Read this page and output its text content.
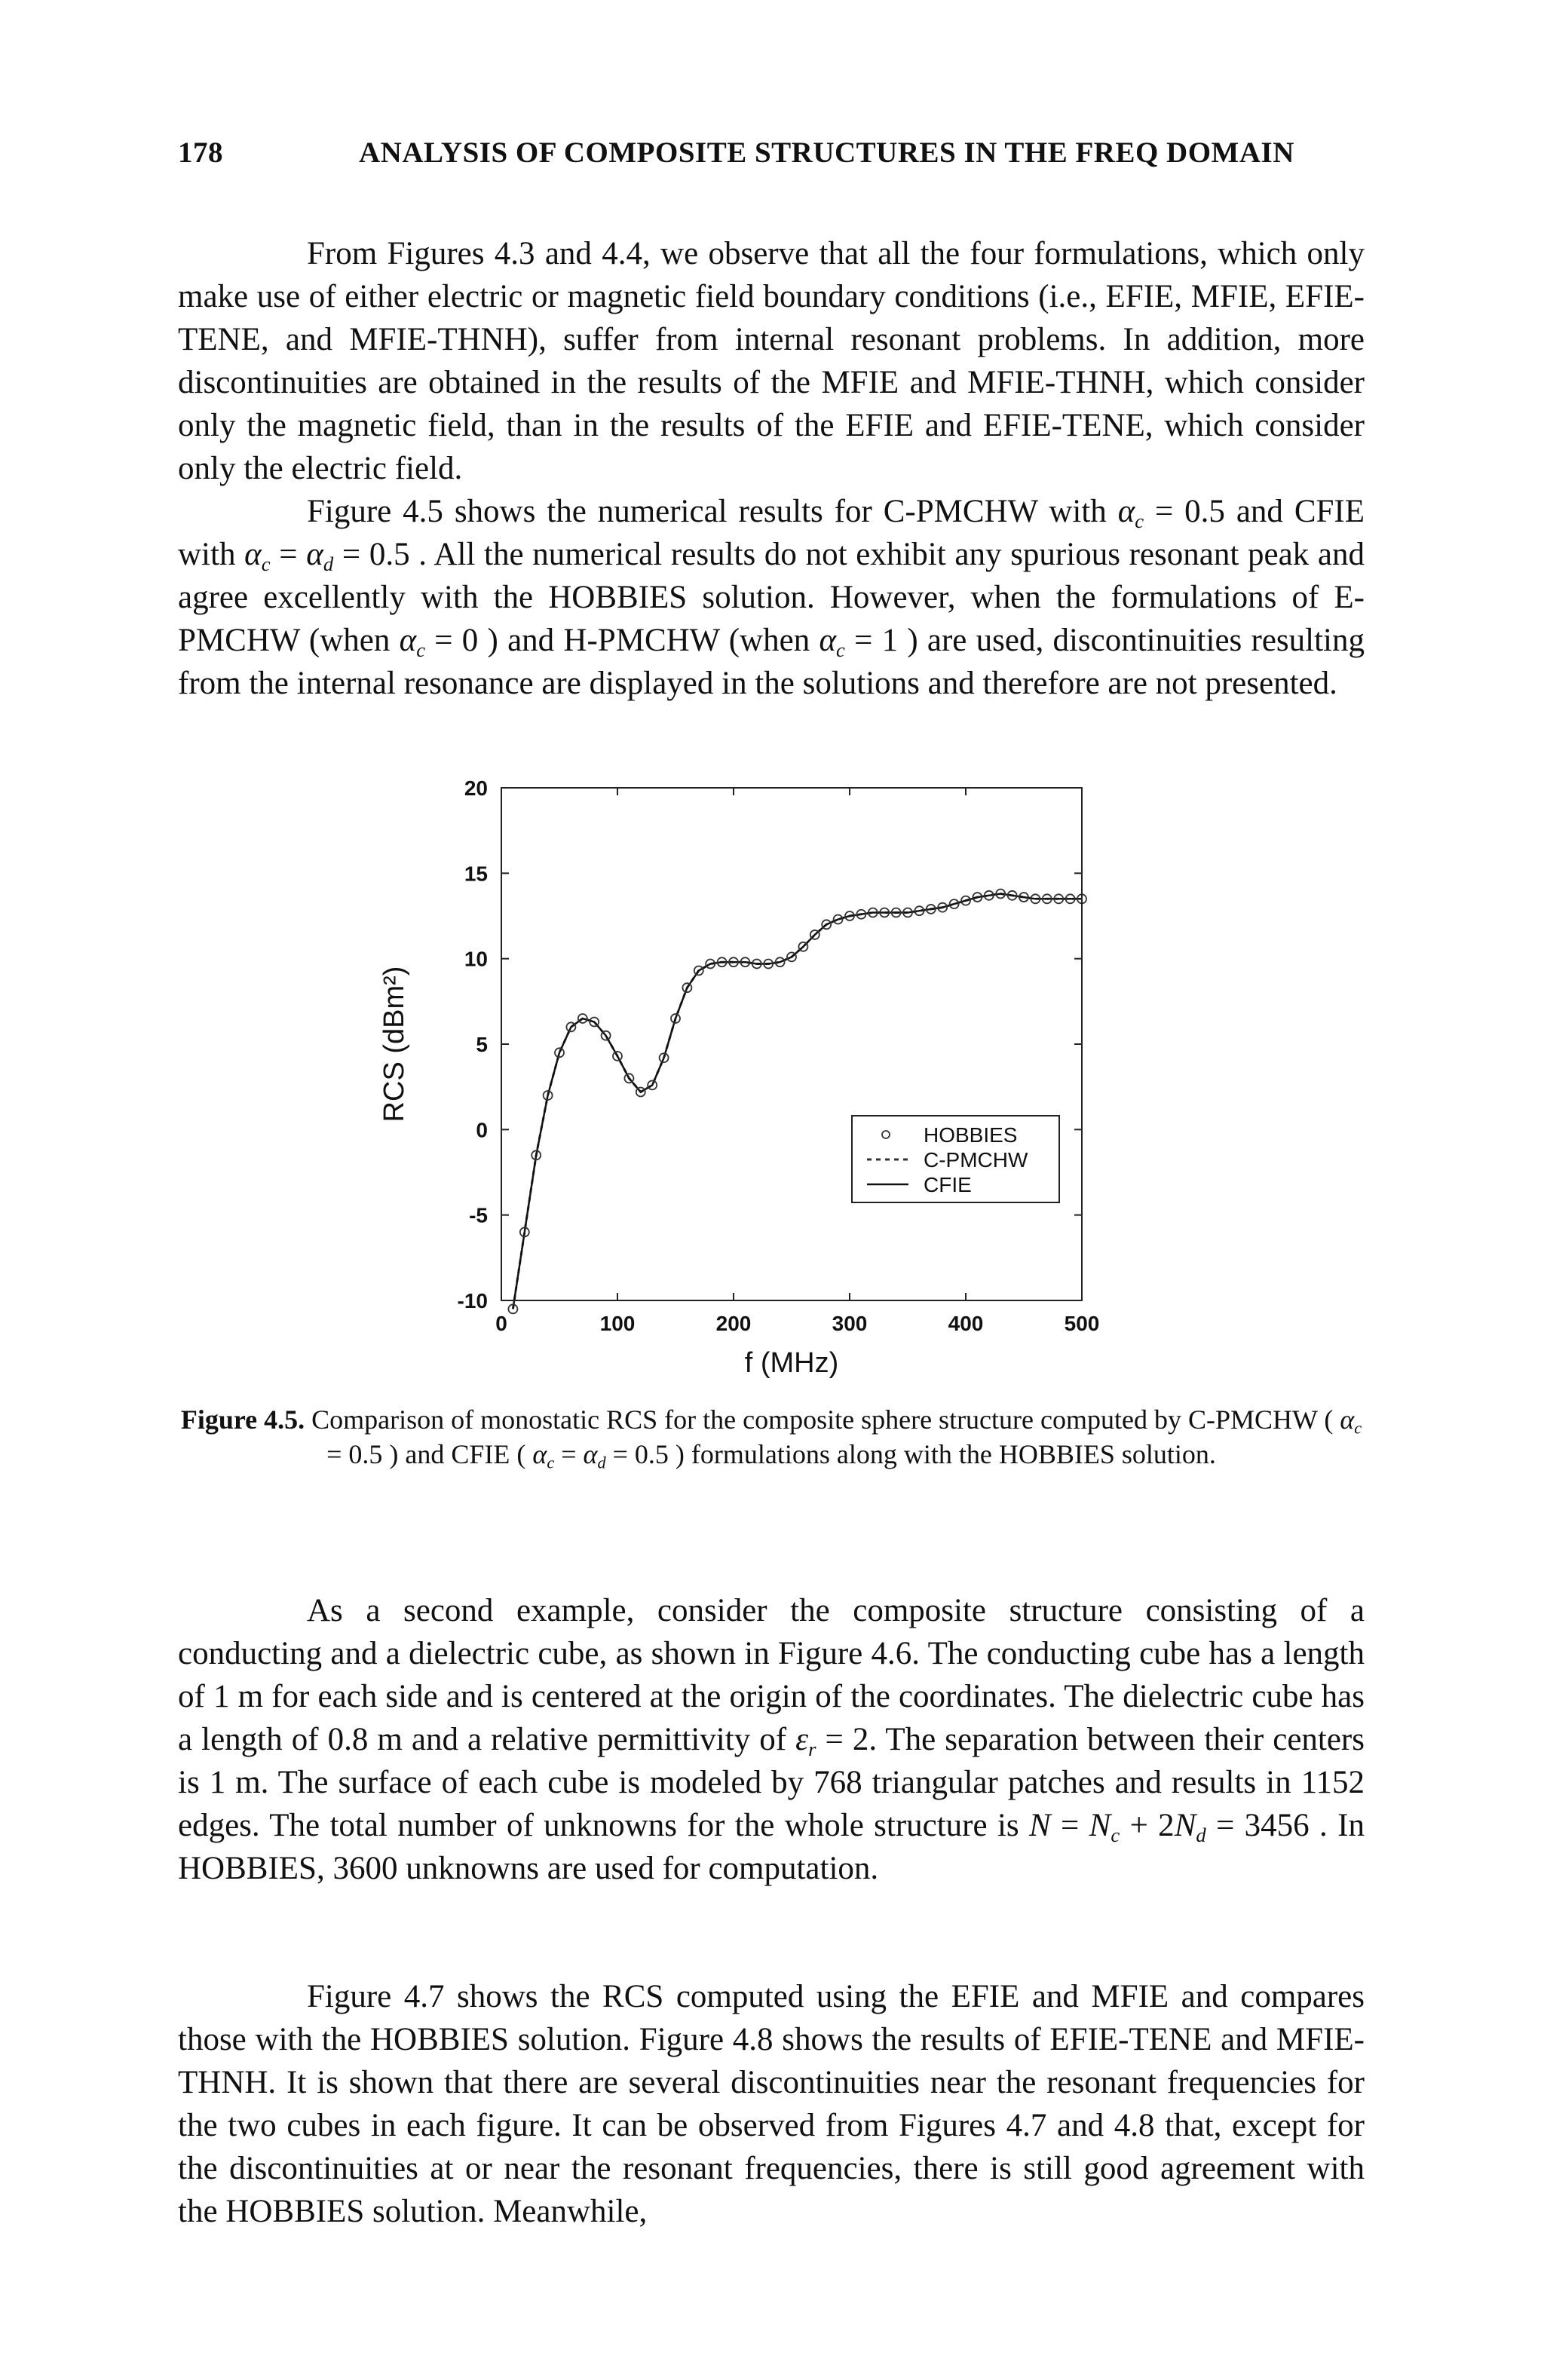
178	ANALYSIS OF COMPOSITE STRUCTURES IN THE FREQ DOMAIN

From Figures 4.3 and 4.4, we observe that all the four formulations, which only make use of either electric or magnetic field boundary conditions (i.e., EFIE, MFIE, EFIE-TENE, and MFIE-THNH), suffer from internal resonant problems. In addition, more discontinuities are obtained in the results of the MFIE and MFIE-THNH, which consider only the magnetic field, than in the results of the EFIE and EFIE-TENE, which consider only the electric field.

Figure 4.5 shows the numerical results for C-PMCHW with $\alpha_c = 0.5$ and CFIE with $\alpha_c = \alpha_d = 0.5$ . All the numerical results do not exhibit any spurious resonant peak and agree excellently with the HOBBIES solution. However, when the formulations of E-PMCHW (when $\alpha_c = 0$ ) and H-PMCHW (when $\alpha_c = 1$ ) are used, discontinuities resulting from the internal resonance are displayed in the solutions and therefore are not presented.

0	100	200	300	400	500
-10
-5
0
5
10
15
20
HOBBIES
C-PMCHW
CFIE
f (MHz)
RCS (dBm²)
Figure 4.5. Comparison of monostatic RCS for the composite sphere structure computed by C-PMCHW ( $\alpha_c = 0.5$ ) and CFIE ( $\alpha_c = \alpha_d = 0.5$ ) formulations along with the HOBBIES solution.

As a second example, consider the composite structure consisting of a conducting and a dielectric cube, as shown in Figure 4.6. The conducting cube has a length of 1 m for each side and is centered at the origin of the coordinates. The dielectric cube has a length of 0.8 m and a relative permittivity of $\varepsilon_r = 2$. The separation between their centers is 1 m. The surface of each cube is modeled by 768 triangular patches and results in 1152 edges. The total number of unknowns for the whole structure is $N = N_c + 2N_d = 3456$ . In HOBBIES, 3600 unknowns are used for computation.

Figure 4.7 shows the RCS computed using the EFIE and MFIE and compares those with the HOBBIES solution. Figure 4.8 shows the results of EFIE-TENE and MFIE-THNH. It is shown that there are several discontinuities near the resonant frequencies for the two cubes in each figure. It can be observed from Figures 4.7 and 4.8 that, except for the discontinuities at or near the resonant frequencies, there is still good agreement with the HOBBIES solution. Meanwhile,
